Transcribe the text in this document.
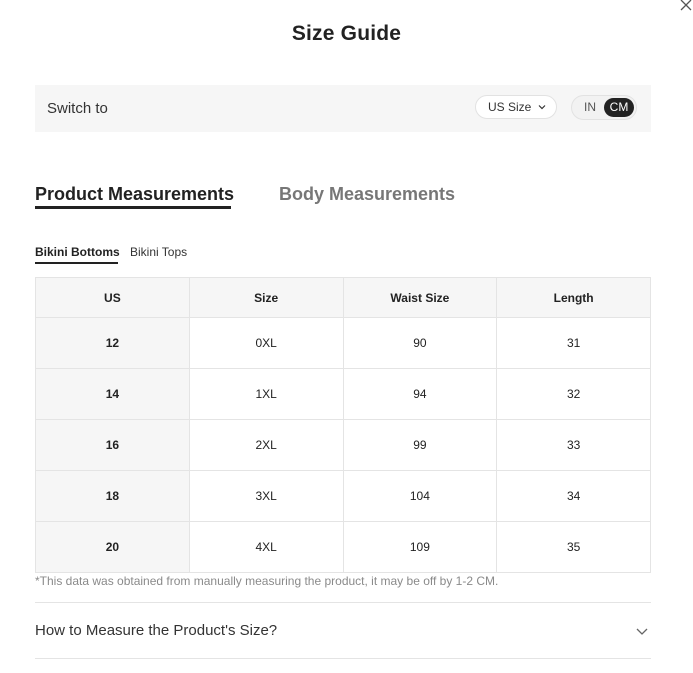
Size Guide
Switch to	US Size	IN	CM
Product Measurements Body Measurements
Bikini Bottoms Bikini Tops
US	Size	Waist Size	Length
12	0XL	90	31
14	1XL	94	32
16	2XL	99	33
18	3XL	104	34
20	4XL	109	35
*This data was obtained from manually measuring the product, it may be off by 1-2 CM.
How to Measure the Product's Size?
